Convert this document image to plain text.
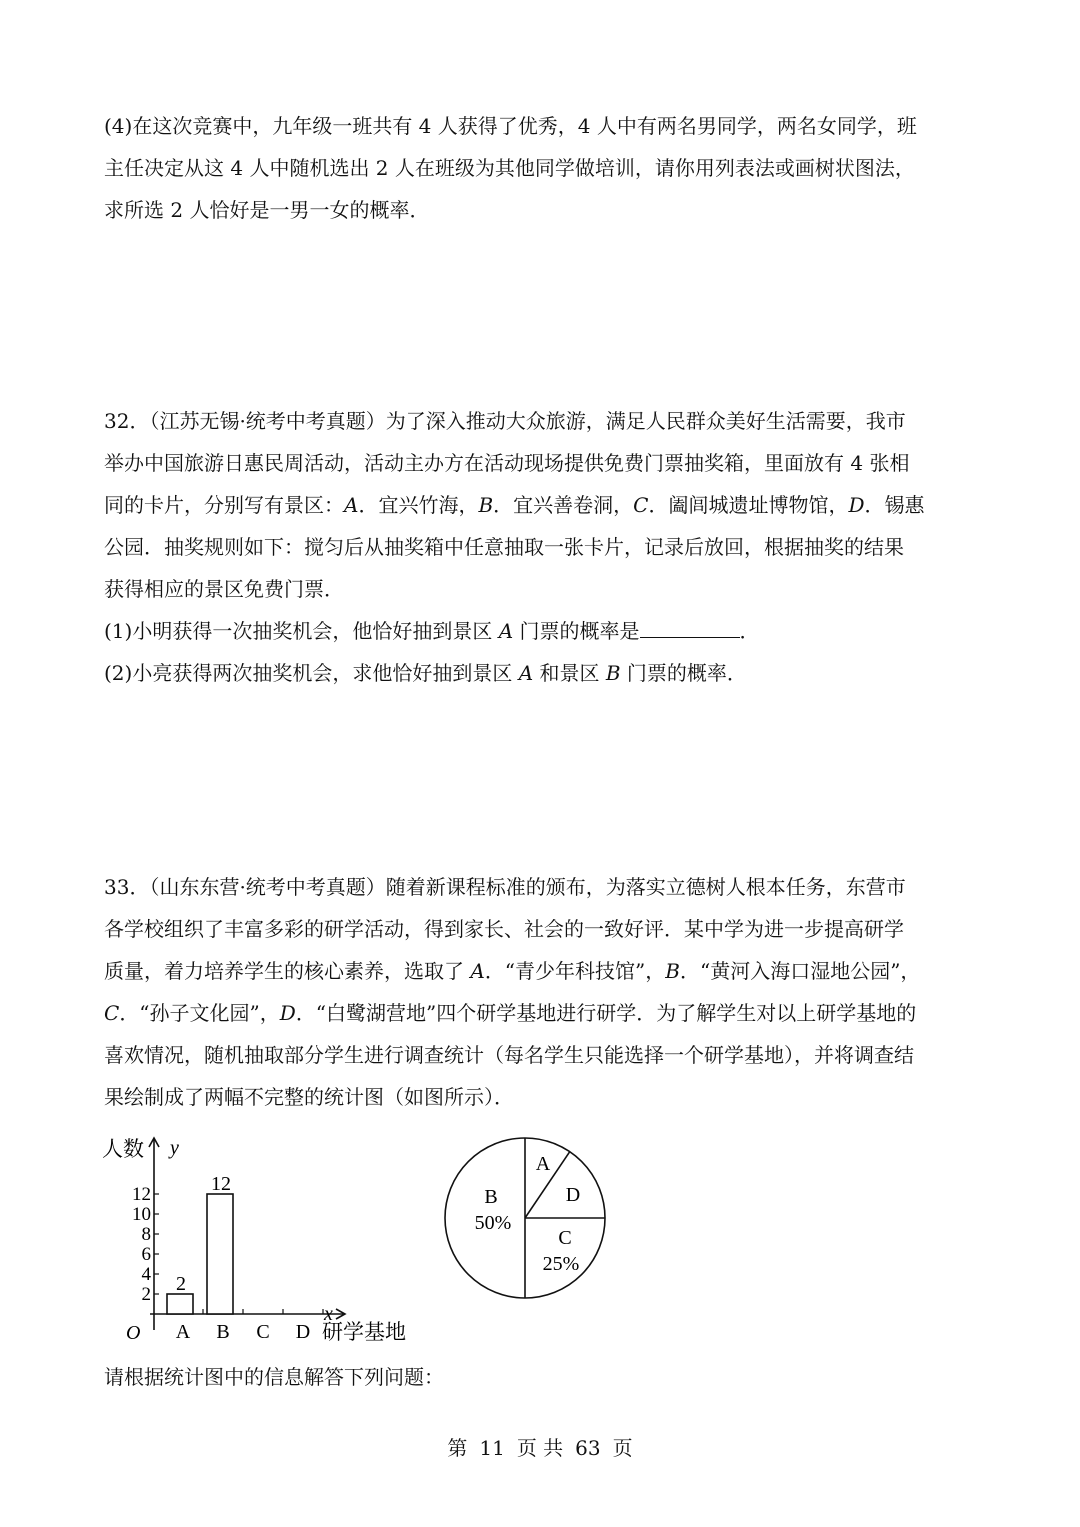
(4)在这次竞赛中，九年级一班共有 4 人获得了优秀，4 人中有两名男同学，两名女同学，班
主任决定从这 4 人中随机选出 2 人在班级为其他同学做培训，请你用列表法或画树状图法，
求所选 2 人恰好是一男一女的概率．
32．（江苏无锡·统考中考真题）为了深入推动大众旅游，满足人民群众美好生活需要，我市
举办中国旅游日惠民周活动，活动主办方在活动现场提供免费门票抽奖箱，里面放有 4 张相
同的卡片，分别写有景区：A．宜兴竹海，B．宜兴善卷洞，C．阖闾城遗址博物馆，D．锡惠
公园．抽奖规则如下：搅匀后从抽奖箱中任意抽取一张卡片，记录后放回，根据抽奖的结果
获得相应的景区免费门票．
(1)小明获得一次抽奖机会，他恰好抽到景区 A 门票的概率是	．
(2)小亮获得两次抽奖机会，求他恰好抽到景区 A 和景区 B 门票的概率．
33．（山东东营·统考中考真题）随着新课程标准的颁布，为落实立德树人根本任务，东营市
各学校组织了丰富多彩的研学活动，得到家长、社会的一致好评．某中学为进一步提高研学
质量，着力培养学生的核心素养，选取了 A．“青少年科技馆”，B．“黄河入海口湿地公园”，
C．“孙子文化园”，D．“白鹭湖营地”四个研学基地进行研学．为了解学生对以上研学基地的
喜欢情况，随机抽取部分学生进行调查统计（每名学生只能选择一个研学基地），并将调查结
果绘制成了两幅不完整的统计图（如图所示）．
人数 y
x
研学基地
O
2
4
6
8
10
12
A
2
B
12
C D
A
D
C
25%
B
50%
请根据统计图中的信息解答下列问题：
第 11 页 共 63 页
